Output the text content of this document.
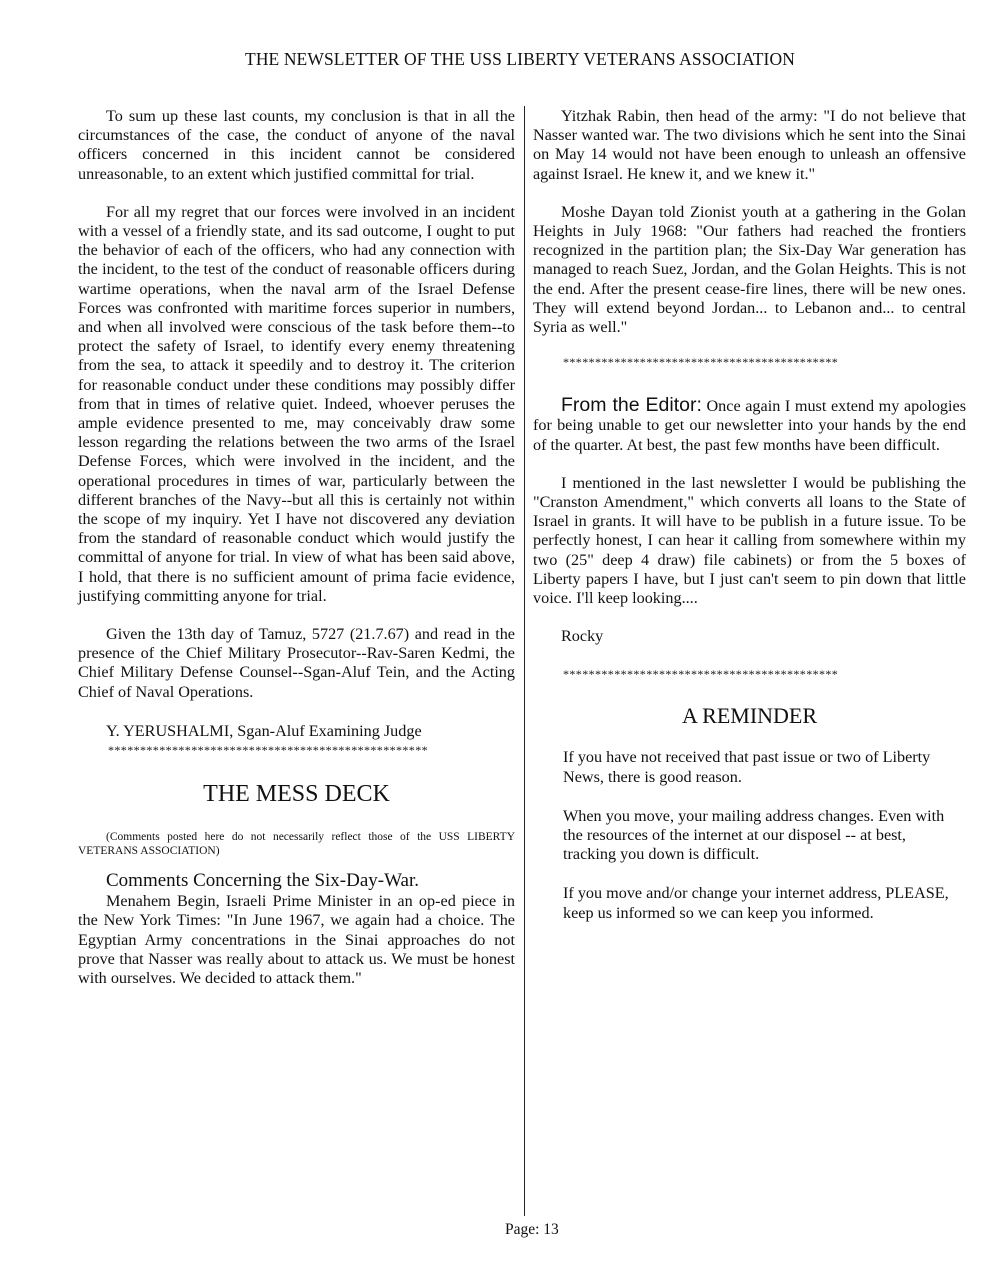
THE NEWSLETTER OF THE USS LIBERTY VETERANS ASSOCIATION

To sum up these last counts, my conclusion is that in all the circumstances of the case, the conduct of anyone of the naval officers concerned in this incident cannot be considered unreasonable, to an extent which justified committal for trial.

For all my regret that our forces were involved in an incident with a vessel of a friendly state, and its sad outcome, I ought to put the behavior of each of the officers, who had any connection with the incident, to the test of the conduct of reasonable officers during wartime operations, when the naval arm of the Israel Defense Forces was confronted with maritime forces superior in numbers, and when all involved were conscious of the task before them--to protect the safety of Israel, to identify every enemy threatening from the sea, to attack it speedily and to destroy it. The criterion for reasonable conduct under these conditions may possibly differ from that in times of relative quiet. Indeed, whoever peruses the ample evidence presented to me, may conceivably draw some lesson regarding the relations between the two arms of the Israel Defense Forces, which were involved in the incident, and the operational procedures in times of war, particularly between the different branches of the Navy--but all this is certainly not within the scope of my inquiry. Yet I have not discovered any deviation from the standard of reasonable conduct which would justify the committal of anyone for trial. In view of what has been said above, I hold, that there is no sufficient amount of prima facie evidence, justifying committing anyone for trial.

Given the 13th day of Tamuz, 5727 (21.7.67) and read in the presence of the Chief Military Prosecutor--Rav-Saren Kedmi, the Chief Military Defense Counsel--Sgan-Aluf Tein, and the Acting Chief of Naval Operations.

Y. YERUSHALMI, Sgan-Aluf Examining Judge

**************************************************

THE MESS DECK

(Comments posted here do not necessarily reflect those of the USS LIBERTY VETERANS ASSOCIATION)

Comments Concerning the Six-Day-War.

Menahem Begin, Israeli Prime Minister in an op-ed piece in the New York Times: "In June 1967, we again had a choice. The Egyptian Army concentrations in the Sinai approaches do not prove that Nasser was really about to attack us. We must be honest with ourselves. We decided to attack them."

Yitzhak Rabin, then head of the army: "I do not believe that Nasser wanted war. The two divisions which he sent into the Sinai on May 14 would not have been enough to unleash an offensive against Israel. He knew it, and we knew it."

Moshe Dayan told Zionist youth at a gathering in the Golan Heights in July 1968: "Our fathers had reached the frontiers recognized in the partition plan; the Six-Day War generation has managed to reach Suez, Jordan, and the Golan Heights. This is not the end. After the present cease-fire lines, there will be new ones. They will extend beyond Jordan... to Lebanon and... to central Syria as well."

*******************************************

From the Editor: Once again I must extend my apologies for being unable to get our newsletter into your hands by the end of the quarter. At best, the past few months have been difficult.

I mentioned in the last newsletter I would be publishing the "Cranston Amendment," which converts all loans to the State of Israel in grants. It will have to be publish in a future issue. To be perfectly honest, I can hear it calling from somewhere within my two (25" deep 4 draw) file cabinets) or from the 5 boxes of Liberty papers I have, but I just can't seem to pin down that little voice. I'll keep looking....

Rocky

*******************************************

A REMINDER

If you have not received that past issue or two of Liberty News, there is good reason.

When you move, your mailing address changes. Even with the resources of the internet at our disposel -- at best, tracking you down is difficult.

If you move and/or change your internet address, PLEASE, keep us informed so we can keep you informed.

Page: 13
